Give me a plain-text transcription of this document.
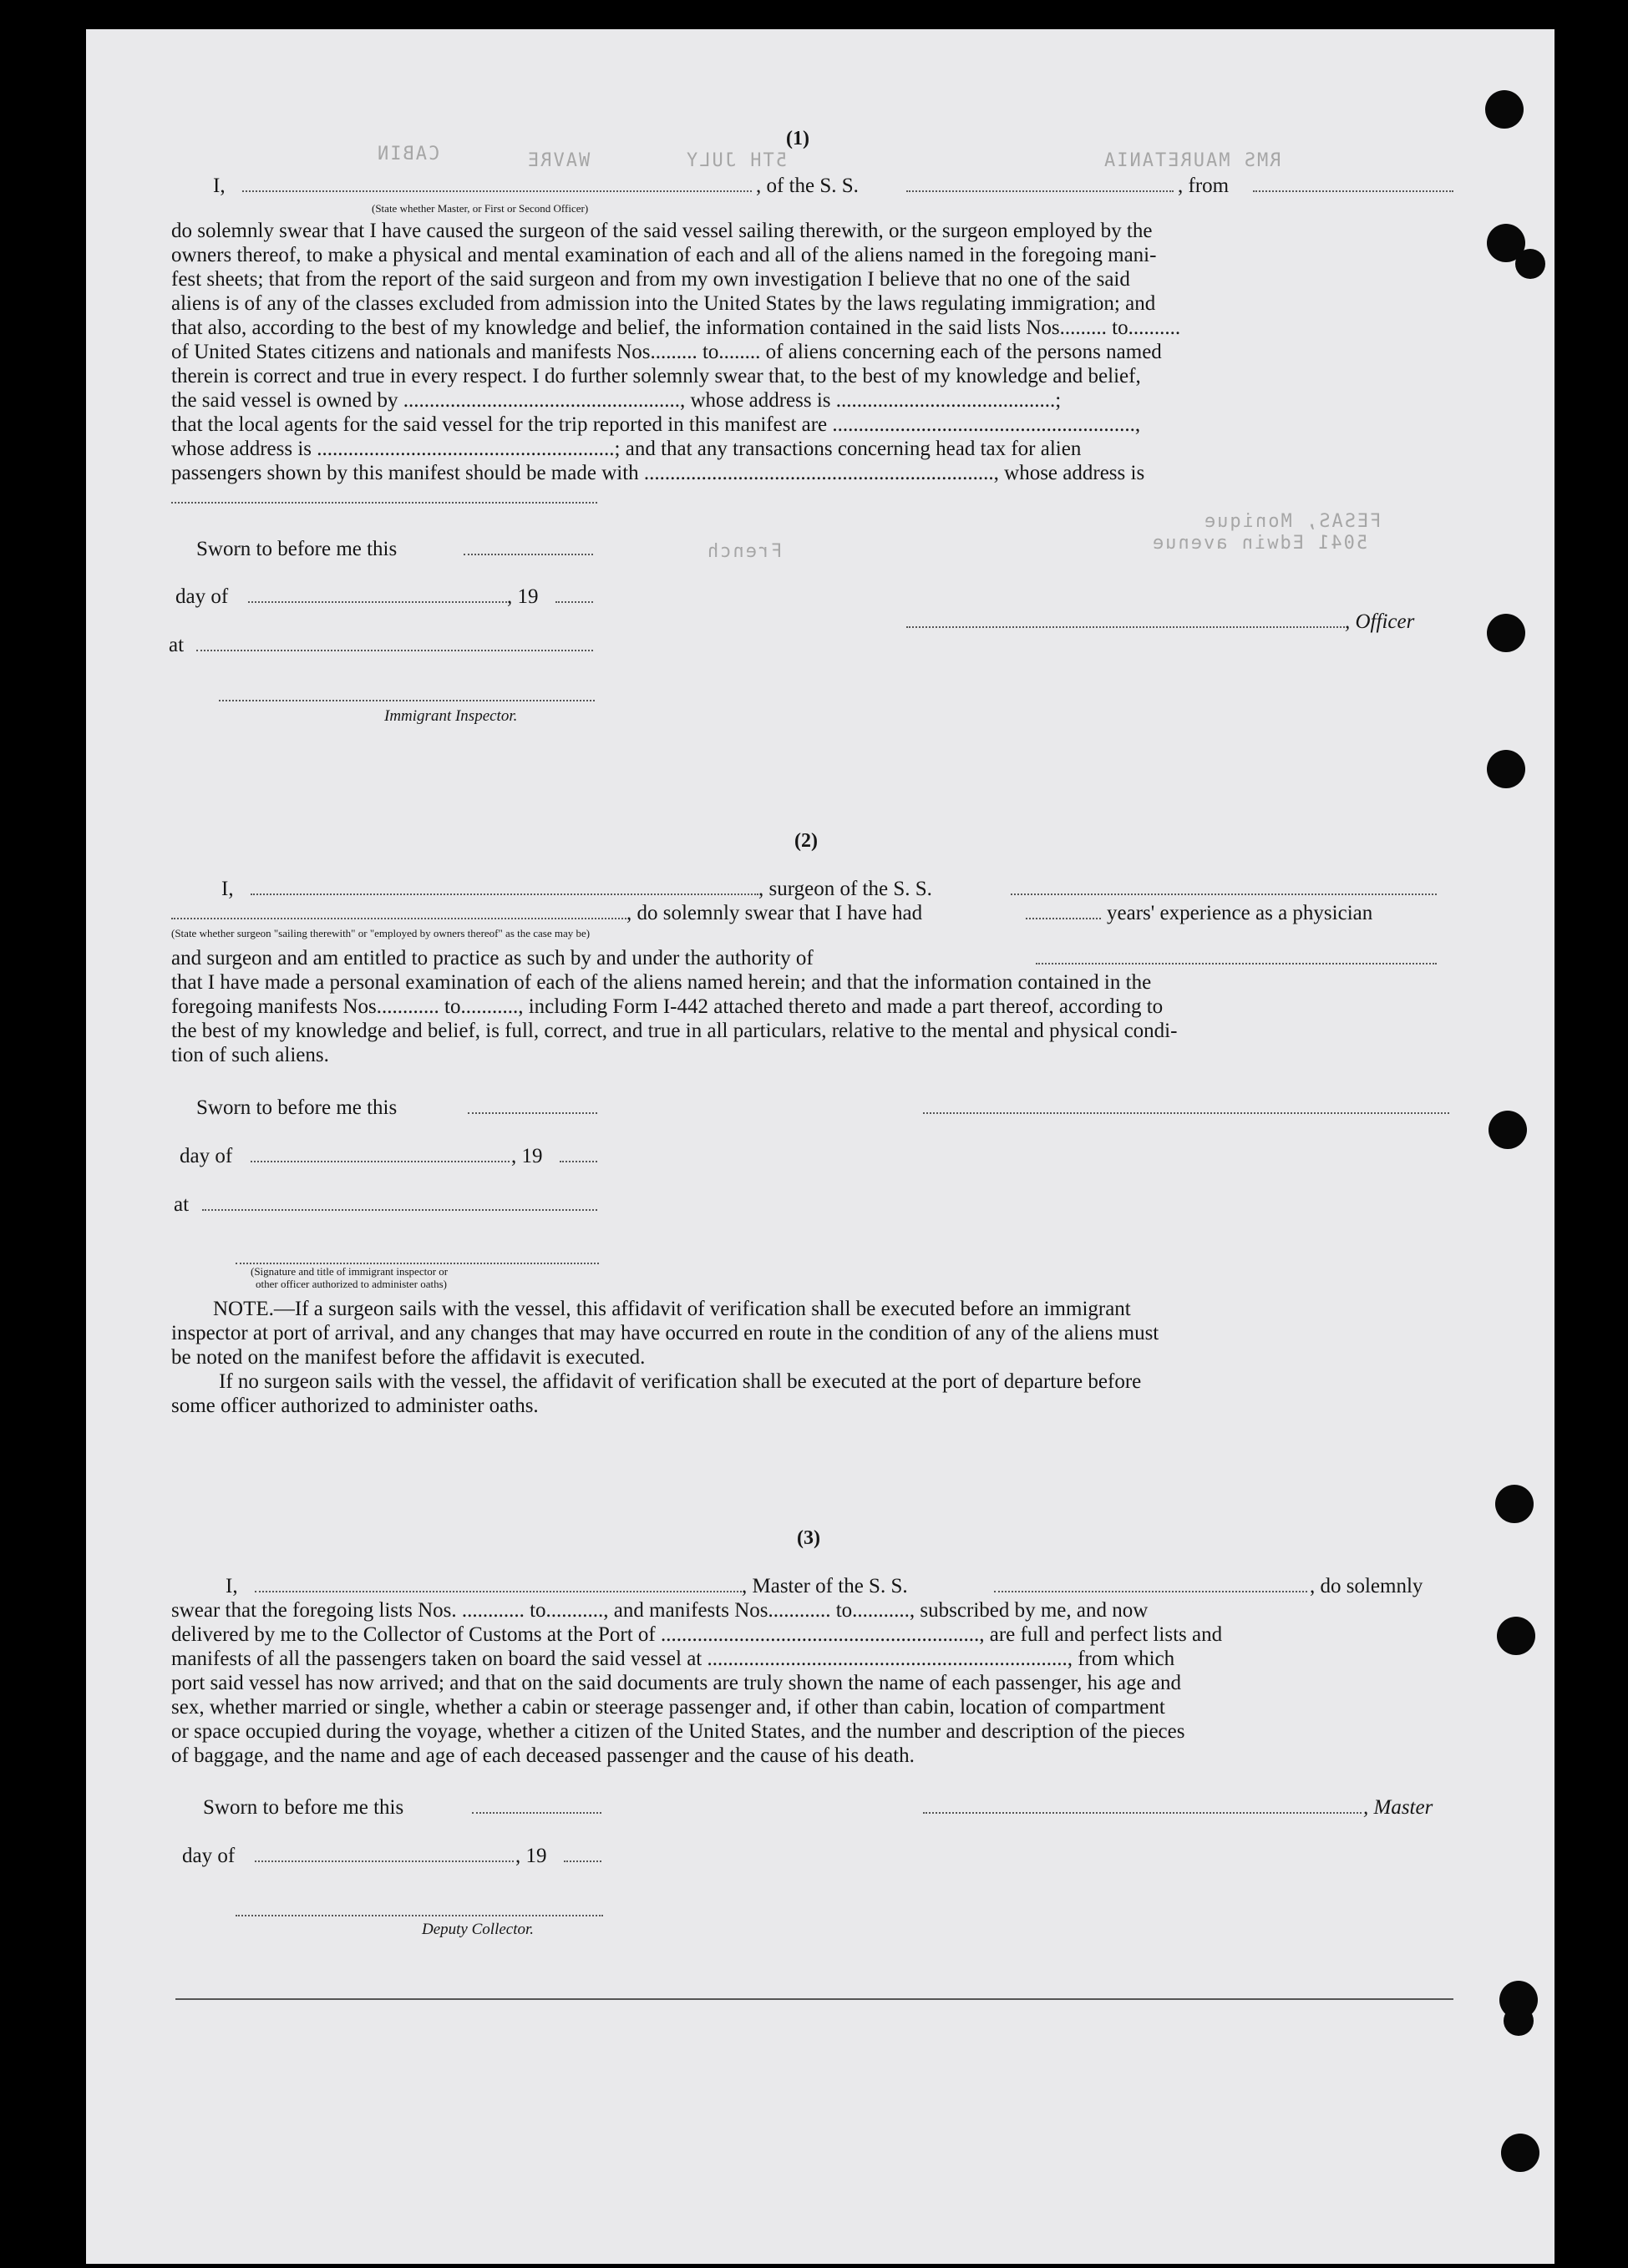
CABIN	RMS MAURETANIA
WAVRE	5TH JULY
FESAS, Monique
5041 Edwin avenue
French
(1)
I,	, of the S. S.	, from
(State whether Master, or First or Second Officer)
do solemnly swear that I have caused the surgeon of the said vessel sailing therewith, or the surgeon employed by the
owners thereof, to make a physical and mental examination of each and all of the aliens named in the foregoing mani-
fest sheets; that from the report of the said surgeon and from my own investigation I believe that no one of the said
aliens is of any of the classes excluded from admission into the United States by the laws regulating immigration; and
that also, according to the best of my knowledge and belief, the information contained in the said lists Nos......... to..........
of United States citizens and nationals and manifests Nos......... to........ of aliens concerning each of the persons named
therein is correct and true in every respect. I do further solemnly swear that, to the best of my knowledge and belief,
the said vessel is owned by ....................................................., whose address is ..........................................;
that the local agents for the said vessel for the trip reported in this manifest are ..........................................................,
whose address is .........................................................; and that any transactions concerning head tax for alien
passengers shown by this manifest should be made with ..................................................................., whose address is
Sworn to before me this
day of	, 19
at
, Officer
Immigrant Inspector.
(2)
I,	, surgeon of the S. S.
, do solemnly swear that I have had	years' experience as a physician
(State whether surgeon "sailing therewith" or "employed by owners thereof" as the case may be)
and surgeon and am entitled to practice as such by and under the authority of
that I have made a personal examination of each of the aliens named herein; and that the information contained in the
foregoing manifests Nos............ to..........., including Form I-442 attached thereto and made a part thereof, according to
the best of my knowledge and belief, is full, correct, and true in all particulars, relative to the mental and physical condi-
tion of such aliens.
Sworn to before me this
day of	, 19
at
(Signature and title of immigrant inspector or
other officer authorized to administer oaths)
NOTE.—If a surgeon sails with the vessel, this affidavit of verification shall be executed before an immigrant
inspector at port of arrival, and any changes that may have occurred en route in the condition of any of the aliens must
be noted on the manifest before the affidavit is executed.
If no surgeon sails with the vessel, the affidavit of verification shall be executed at the port of departure before
some officer authorized to administer oaths.
(3)
I,	, Master of the S. S.	, do solemnly
swear that the foregoing lists Nos. ............ to..........., and manifests Nos............ to..........., subscribed by me, and now
delivered by me to the Collector of Customs at the Port of ............................................................., are full and perfect lists and
manifests of all the passengers taken on board the said vessel at ....................................................................., from which
port said vessel has now arrived; and that on the said documents are truly shown the name of each passenger, his age and
sex, whether married or single, whether a cabin or steerage passenger and, if other than cabin, location of compartment
or space occupied during the voyage, whether a citizen of the United States, and the number and description of the pieces
of baggage, and the name and age of each deceased passenger and the cause of his death.
Sworn to before me this	, Master
day of	, 19
Deputy Collector.
